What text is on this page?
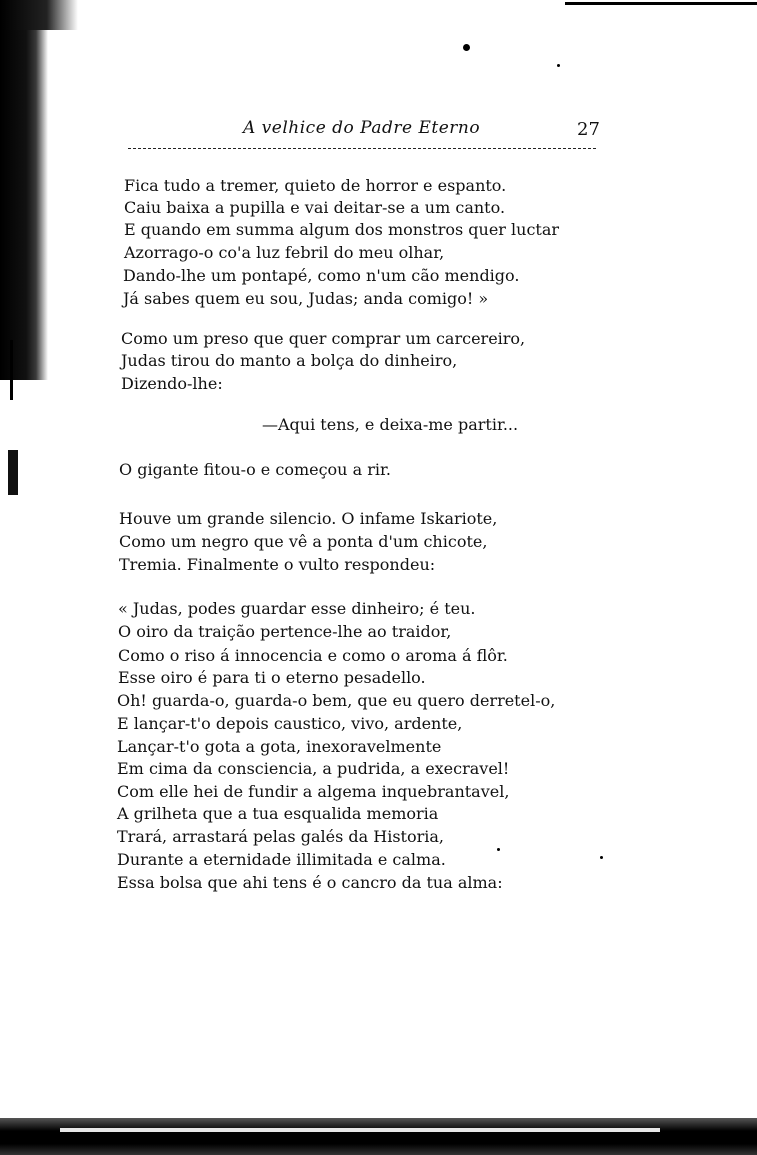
A velhice do Padre Eterno	27
Fica tudo a tremer, quieto de horror e espanto.
Caiu baixa a pupilla e vai deitar-se a um canto.
E quando em summa algum dos monstros quer luctar
Azorrago-o co'a luz febril do meu olhar,
Dando-lhe um pontapé, como n'um cão mendigo.
Já sabes quem eu sou, Judas; anda comigo! »
Como um preso que quer comprar um carcereiro,
Judas tirou do manto a bolça do dinheiro,
Dizendo-lhe:
—Aqui tens, e deixa-me partir...
O gigante fitou-o e começou a rir.
Houve um grande silencio. O infame Iskariote,
Como um negro que vê a ponta d'um chicote,
Tremia. Finalmente o vulto respondeu:
« Judas, podes guardar esse dinheiro; é teu.
O oiro da traição pertence-lhe ao traidor,
Como o riso á innocencia e como o aroma á flôr.
Esse oiro é para ti o eterno pesadello.
Oh! guarda-o, guarda-o bem, que eu quero derretel-o,
E lançar-t'o depois caustico, vivo, ardente,
Lançar-t'o gota a gota, inexoravelmente
Em cima da consciencia, a pudrida, a execravel!
Com elle hei de fundir a algema inquebrantavel,
A grilheta que a tua esqualida memoria
Trará, arrastará pelas galés da Historia,
Durante a eternidade illimitada e calma.
Essa bolsa que ahi tens é o cancro da tua alma:
